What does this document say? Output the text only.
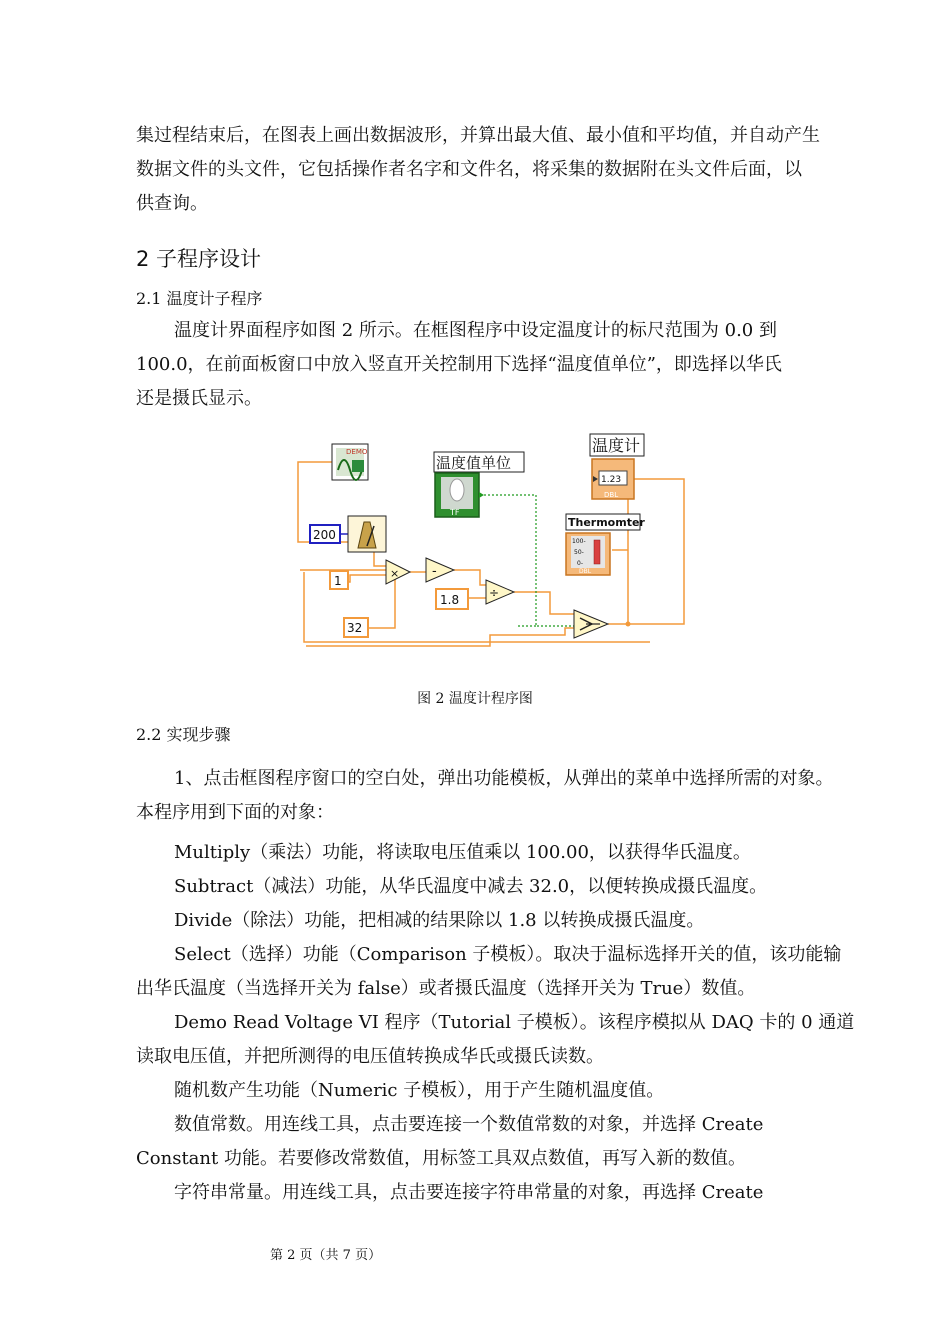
集过程结束后，在图表上画出数据波形，并算出最大值、最小值和平均值，并自动产生
数据文件的头文件，它包括操作者名字和文件名，将采集的数据附在头文件后面，以
供查询。
2 子程序设计
2.1 温度计子程序
温度计界面程序如图 2 所示。在框图程序中设定温度计的标尺范围为 0.0 到
100.0，在前面板窗口中放入竖直开关控制用下选择“温度值单位”，即选择以华氏
还是摄氏显示。
DEMO
200
温度值单位
TF
温度计
1.23
DBL
Thermomter
100-
50-
0-
DBL
1
32
1.8
×	-
÷
图 2 温度计程序图
2.2 实现步骤
1、点击框图程序窗口的空白处，弹出功能模板，从弹出的菜单中选择所需的对象。
本程序用到下面的对象：
Multiply（乘法）功能，将读取电压值乘以 100.00，以获得华氏温度。
Subtract（减法）功能，从华氏温度中减去 32.0，以便转换成摄氏温度。
Divide（除法）功能，把相减的结果除以 1.8 以转换成摄氏温度。
Select（选择）功能（Comparison 子模板）。取决于温标选择开关的值，该功能输
出华氏温度（当选择开关为 false）或者摄氏温度（选择开关为 True）数值。
Demo Read Voltage VI 程序（Tutorial 子模板）。该程序模拟从 DAQ 卡的 0 通道
读取电压值，并把所测得的电压值转换成华氏或摄氏读数。
随机数产生功能（Numeric 子模板），用于产生随机温度值。
数值常数。用连线工具，点击要连接一个数值常数的对象，并选择 Create
Constant 功能。若要修改常数值，用标签工具双点数值，再写入新的数值。
字符串常量。用连线工具，点击要连接字符串常量的对象，再选择 Create
第 2 页（共 7 页）
